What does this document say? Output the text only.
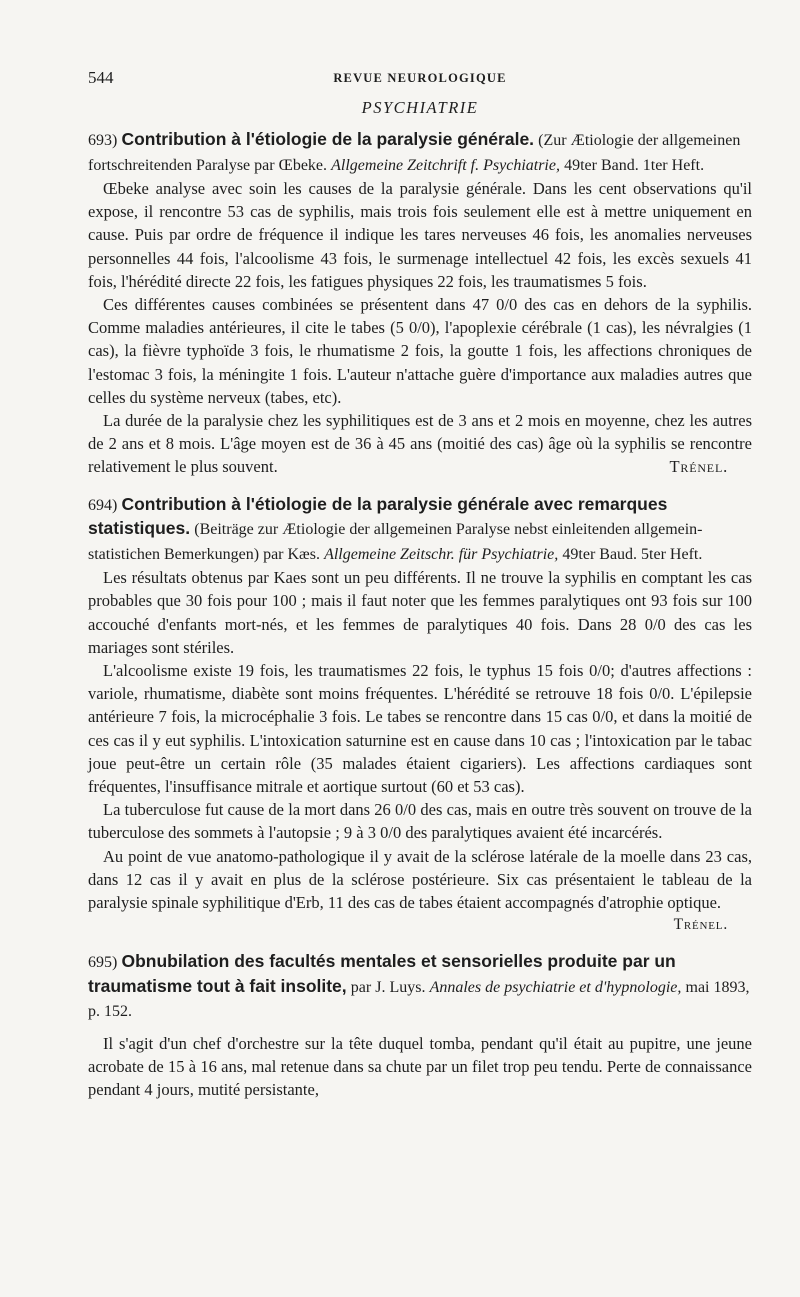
544	REVUE NEUROLOGIQUE
PSYCHIATRIE

693) Contribution à l'étiologie de la paralysie générale. (Zur Ætiologie der allgemeinen fortschreitenden Paralyse par Œbeke. Allgemeine Zeitchrift f. Psychiatrie, 49ter Band. 1ter Heft.

Œbeke analyse avec soin les causes de la paralysie générale. Dans les cent observations qu'il expose, il rencontre 53 cas de syphilis, mais trois fois seulement elle est à mettre uniquement en cause. Puis par ordre de fréquence il indique les tares nerveuses 46 fois, les anomalies nerveuses personnelles 44 fois, l'alcoolisme 43 fois, le surmenage intellectuel 42 fois, les excès sexuels 41 fois, l'hérédité directe 22 fois, les fatigues physiques 22 fois, les traumatismes 5 fois.

Ces différentes causes combinées se présentent dans 47 0/0 des cas en dehors de la syphilis. Comme maladies antérieures, il cite le tabes (5 0/0), l'apoplexie cérébrale (1 cas), les névralgies (1 cas), la fièvre typhoïde 3 fois, le rhumatisme 2 fois, la goutte 1 fois, les affections chroniques de l'estomac 3 fois, la méningite 1 fois. L'auteur n'attache guère d'importance aux maladies autres que celles du système nerveux (tabes, etc).

La durée de la paralysie chez les syphilitiques est de 3 ans et 2 mois en moyenne, chez les autres de 2 ans et 8 mois. L'âge moyen est de 36 à 45 ans (moitié des cas) âge où la syphilis se rencontre relativement le plus souvent.	Trénel.

694) Contribution à l'étiologie de la paralysie générale avec remarques statistiques. (Beiträge zur Ætiologie der allgemeinen Paralyse nebst einleitenden allgemein-statistichen Bemerkungen) par Kæs. Allgemeine Zeitschr. für Psychiatrie, 49ter Baud. 5ter Heft.

Les résultats obtenus par Kaes sont un peu différents. Il ne trouve la syphilis en comptant les cas probables que 30 fois pour 100 ; mais il faut noter que les femmes paralytiques ont 93 fois sur 100 accouché d'enfants mort-nés, et les femmes de paralytiques 40 fois. Dans 28 0/0 des cas les mariages sont stériles.

L'alcoolisme existe 19 fois, les traumatismes 22 fois, le typhus 15 fois 0/0; d'autres affections : variole, rhumatisme, diabète sont moins fréquentes. L'hérédité se retrouve 18 fois 0/0. L'épilepsie antérieure 7 fois, la microcéphalie 3 fois. Le tabes se rencontre dans 15 cas 0/0, et dans la moitié de ces cas il y eut syphilis. L'intoxication saturnine est en cause dans 10 cas ; l'intoxication par le tabac joue peut-être un certain rôle (35 malades étaient cigariers). Les affections cardiaques sont fréquentes, l'insuffisance mitrale et aortique surtout (60 et 53 cas).

La tuberculose fut cause de la mort dans 26 0/0 des cas, mais en outre très souvent on trouve de la tuberculose des sommets à l'autopsie ; 9 à 3 0/0 des paralytiques avaient été incarcérés.

Au point de vue anatomo-pathologique il y avait de la sclérose latérale de la moelle dans 23 cas, dans 12 cas il y avait en plus de la sclérose postérieure. Six cas présentaient le tableau de la paralysie spinale syphilitique d'Erb, 11 des cas de tabes étaient accompagnés d'atrophie optique.

Trénel.

695) Obnubilation des facultés mentales et sensorielles produite par un traumatisme tout à fait insolite, par J. Luys. Annales de psychiatrie et d'hypnologie, mai 1893, p. 152.

Il s'agit d'un chef d'orchestre sur la tête duquel tomba, pendant qu'il était au pupitre, une jeune acrobate de 15 à 16 ans, mal retenue dans sa chute par un filet trop peu tendu. Perte de connaissance pendant 4 jours, mutité persistante,
